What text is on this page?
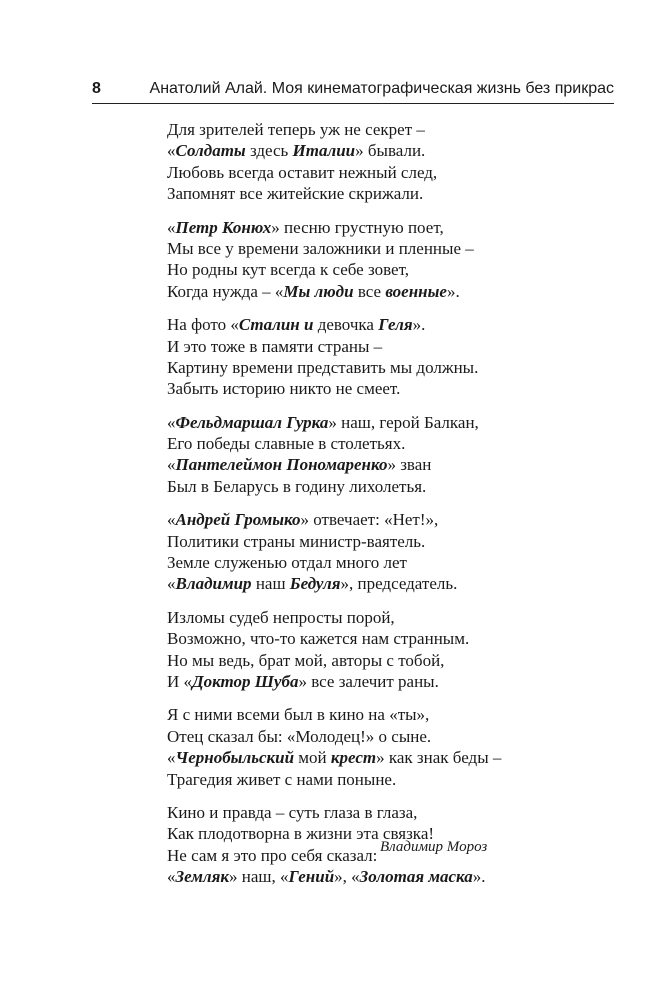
8	Анатолий Алай. Моя кинематографическая жизнь без прикрас
Для зрителей теперь уж не секрет –
«Солдаты здесь Италии» бывали.
Любовь всегда оставит нежный след,
Запомнят все житейские скрижали.
«Петр Конюх» песню грустную поет,
Мы все у времени заложники и пленные –
Но родны кут всегда к себе зовет,
Когда нужда – «Мы люди все военные».
На фото «Сталин и девочка Геля».
И это тоже в памяти страны –
Картину времени представить мы должны.
Забыть историю никто не смеет.
«Фельдмаршал Гурка» наш, герой Балкан,
Его победы славные в столетьях.
«Пантелеймон Пономаренко» зван
Был в Беларусь в годину лихолетья.
«Андрей Громыко» отвечает: «Нет!»,
Политики страны министр-ваятель.
Земле служенью отдал много лет
«Владимир наш Бедуля», председатель.
Изломы судеб непросты порой,
Возможно, что-то кажется нам странным.
Но мы ведь, брат мой, авторы с тобой,
И «Доктор Шуба» все залечит раны.
Я с ними всеми был в кино на «ты»,
Отец сказал бы: «Молодец!» о сыне.
«Чернобыльский мой крест» как знак беды –
Трагедия живет с нами поныне.
Кино и правда – суть глаза в глаза,
Как плодотворна в жизни эта связка!
Не сам я это про себя сказал:
«Земляк» наш, «Гений», «Золотая маска».
Владимир Мороз
